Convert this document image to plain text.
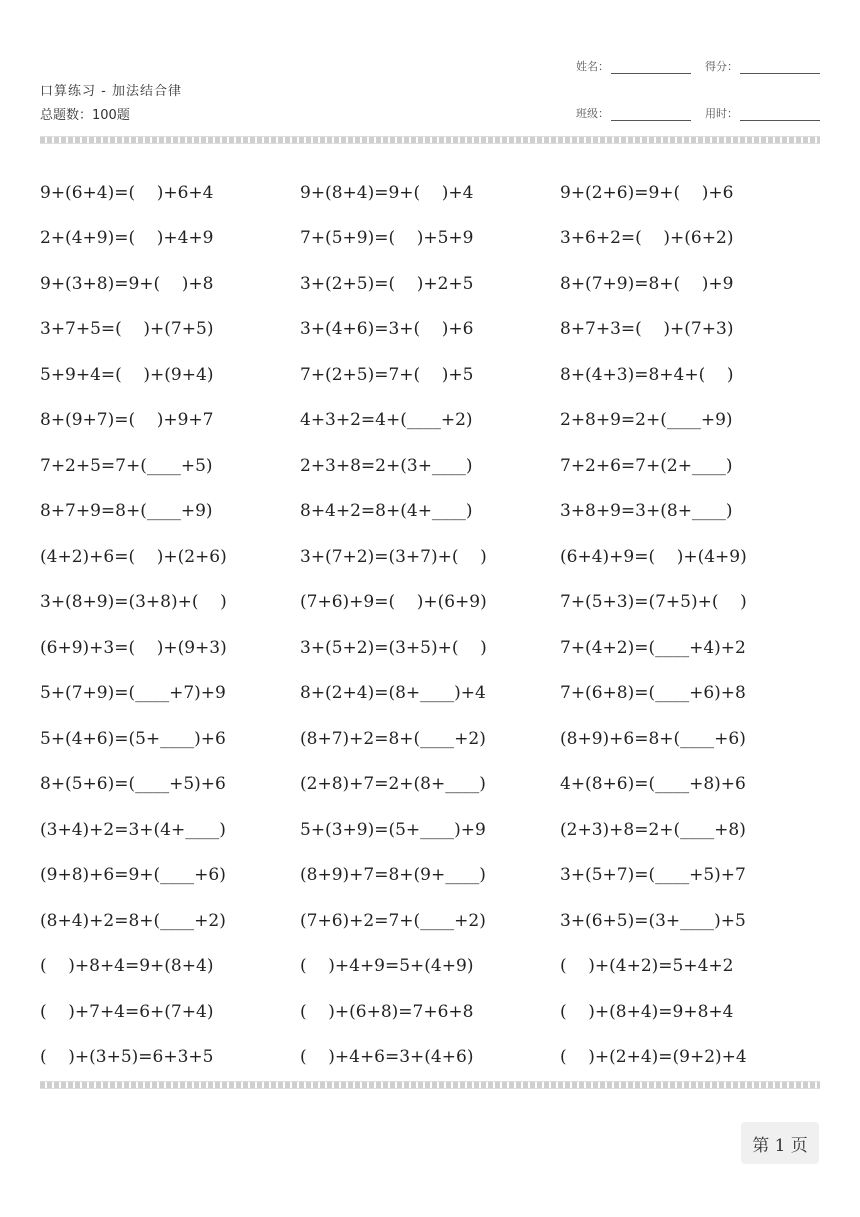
口算练习 - 加法结合律
总题数：100题
姓名：	得分：
班级：	用时：
9+(6+4)=(    )+6+4	9+(8+4)=9+(    )+4	9+(2+6)=9+(    )+6
2+(4+9)=(    )+4+9	7+(5+9)=(    )+5+9	3+6+2=(    )+(6+2)
9+(3+8)=9+(    )+8	3+(2+5)=(    )+2+5	8+(7+9)=8+(    )+9
3+7+5=(    )+(7+5)	3+(4+6)=3+(    )+6	8+7+3=(    )+(7+3)
5+9+4=(    )+(9+4)	7+(2+5)=7+(    )+5	8+(4+3)=8+4+(    )
8+(9+7)=(    )+9+7	4+3+2=4+(____+2)	2+8+9=2+(____+9)
7+2+5=7+(____+5)	2+3+8=2+(3+____)	7+2+6=7+(2+____)
8+7+9=8+(____+9)	8+4+2=8+(4+____)	3+8+9=3+(8+____)
(4+2)+6=(    )+(2+6)	3+(7+2)=(3+7)+(    )	(6+4)+9=(    )+(4+9)
3+(8+9)=(3+8)+(    )	(7+6)+9=(    )+(6+9)	7+(5+3)=(7+5)+(    )
(6+9)+3=(    )+(9+3)	3+(5+2)=(3+5)+(    )	7+(4+2)=(____+4)+2
5+(7+9)=(____+7)+9	8+(2+4)=(8+____)+4	7+(6+8)=(____+6)+8
5+(4+6)=(5+____)+6	(8+7)+2=8+(____+2)	(8+9)+6=8+(____+6)
8+(5+6)=(____+5)+6	(2+8)+7=2+(8+____)	4+(8+6)=(____+8)+6
(3+4)+2=3+(4+____)	5+(3+9)=(5+____)+9	(2+3)+8=2+(____+8)
(9+8)+6=9+(____+6)	(8+9)+7=8+(9+____)	3+(5+7)=(____+5)+7
(8+4)+2=8+(____+2)	(7+6)+2=7+(____+2)	3+(6+5)=(3+____)+5
(    )+8+4=9+(8+4)	(    )+4+9=5+(4+9)	(    )+(4+2)=5+4+2
(    )+7+4=6+(7+4)	(    )+(6+8)=7+6+8	(    )+(8+4)=9+8+4
(    )+(3+5)=6+3+5	(    )+4+6=3+(4+6)	(    )+(2+4)=(9+2)+4
第 1 页
